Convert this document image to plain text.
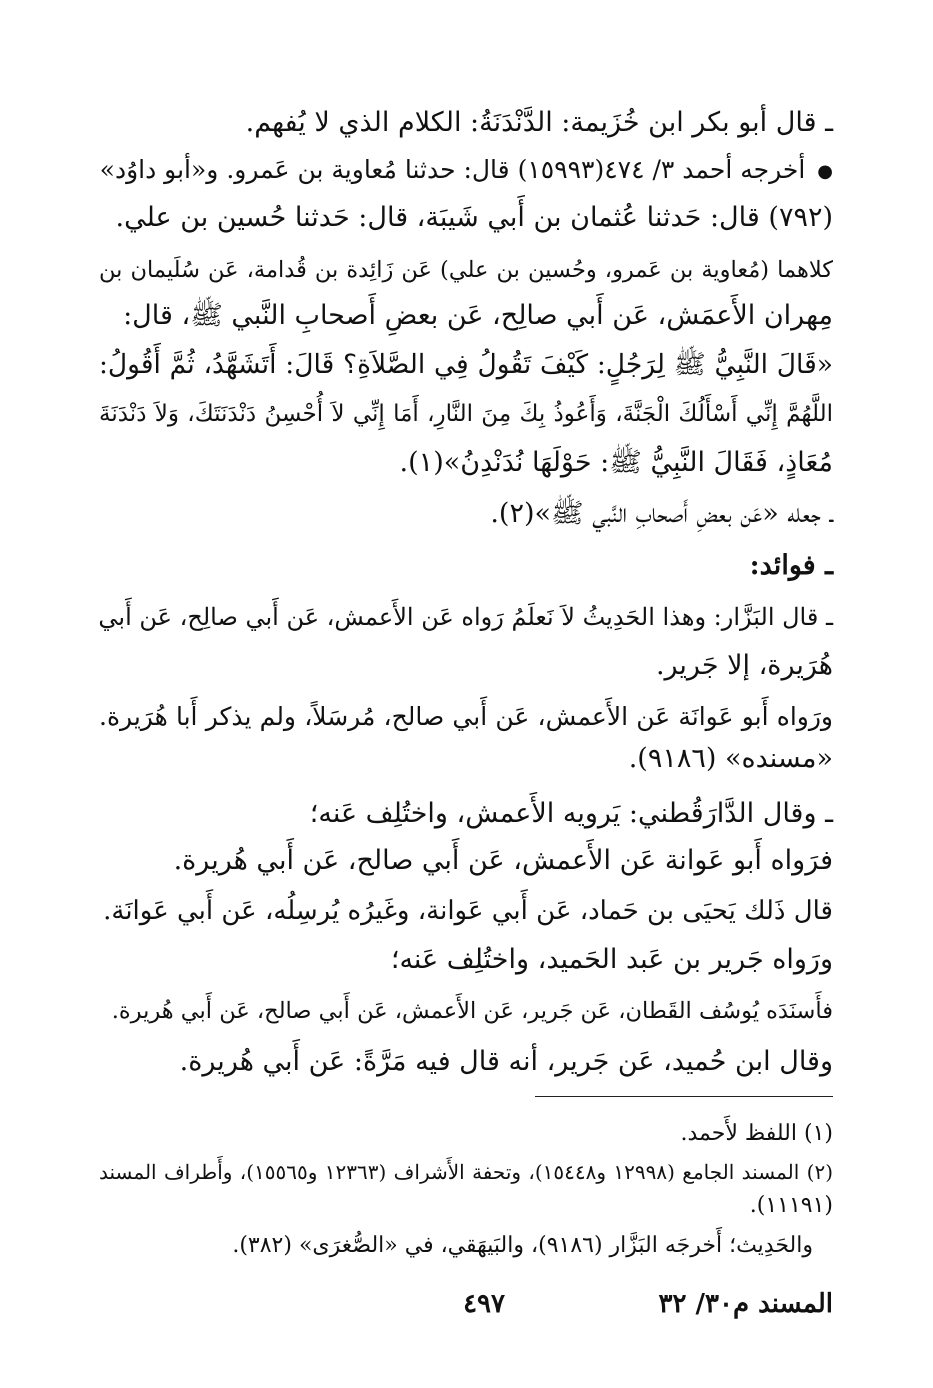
ـ قال أبو بكر ابن خُزَيمة: الدَّنْدَنَةُ: الكلام الذي لا يُفهم.
● أخرجه أحمد ٣/ ٤٧٤(١٥٩٩٣) قال: حدثنا مُعاوية بن عَمرو. و«أبو داوُد»
(٧٩٢) قال: حَدثنا عُثمان بن أَبي شَيبَة، قال: حَدثنا حُسين بن علي.
كلاهما (مُعاوية بن عَمرو، وحُسين بن علي) عَن زَائِدة بن قُدامة، عَن سُلَيمان بن
مِهران الأَعمَش، عَن أَبي صالِح، عَن بعضِ أَصحابِ النَّبي ﷺ، قال:
«قَالَ النَّبِيُّ ﷺ لِرَجُلٍ: كَيْفَ تَقُولُ فِي الصَّلاَةِ؟ قَالَ: أَتَشَهَّدُ، ثُمَّ أَقُولُ:
اللَّهُمَّ إِنِّي أَسْأَلُكَ الْجَنَّةَ، وَأَعُوذُ بِكَ مِنَ النَّارِ، أَمَا إِنِّي لاَ أُحْسِنُ دَنْدَنَتَكَ، وَلاَ دَنْدَنَةَ
مُعَاذٍ، فَقَالَ النَّبِيُّ ﷺ: حَوْلَهَا نُدَنْدِنُ»(١).
ـ جعله «عَن بعضِ أَصحابِ النَّبي ﷺ»(٢).
ـ فوائد:
ـ قال البَزَّار: وهذا الحَدِيثُ لاَ نَعلَمُ رَواه عَن الأَعمش، عَن أَبي صالِح، عَن أَبي
هُرَيرة، إلا جَرير.
ورَواه أَبو عَوانَة عَن الأَعمش، عَن أَبي صالح، مُرسَلاً، ولم يذكر أَبا هُرَيرة.
«مسنده» (٩١٨٦).
ـ وقال الدَّارَقُطني: يَرويه الأَعمش، واختُلِف عَنه؛
فرَواه أَبو عَوانة عَن الأَعمش، عَن أَبي صالح، عَن أَبي هُريرة.
قال ذَلك يَحيَى بن حَماد، عَن أَبي عَوانة، وغَيرُه يُرسِلُه، عَن أَبي عَوانَة.
ورَواه جَرير بن عَبد الحَميد، واختُلِف عَنه؛
فأَسنَدَه يُوسُف القَطان، عَن جَرير، عَن الأَعمش، عَن أَبي صالح، عَن أَبي هُريرة.
وقال ابن حُميد، عَن جَرير، أنه قال فيه مَرَّةً: عَن أَبي هُريرة.
(١) اللفظ لأَحمد.
(٢) المسند الجامع (١٢٩٩٨ و١٥٤٤٨)، وتحفة الأَشراف (١٢٣٦٣ و١٥٥٦٥)، وأَطراف المسند
(١١١٩١).
والحَدِيث؛ أَخرجَه البَزَّار (٩١٨٦)، والبَيهَقي، في «الصُّغرَى» (٣٨٢).
المسند م٣٠/ ٣٢
٤٩٧
